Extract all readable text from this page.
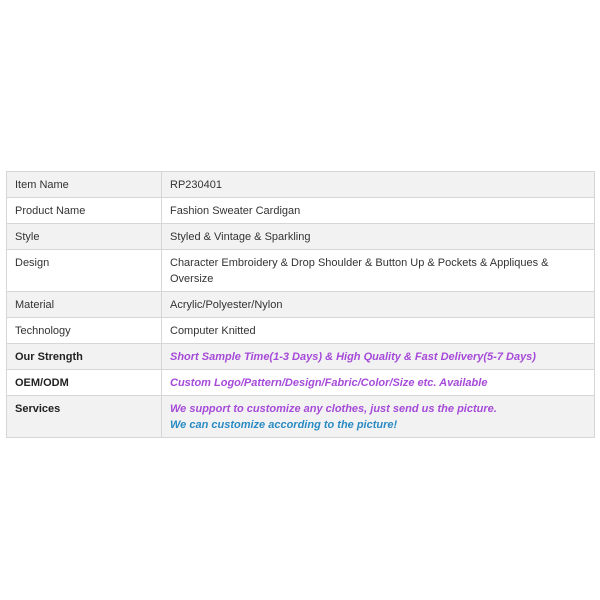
Item Name	RP230401
Product Name	Fashion Sweater Cardigan
Style	Styled & Vintage & Sparkling
Design	Character Embroidery & Drop Shoulder & Button Up & Pockets & Appliques & Oversize
Material	Acrylic/Polyester/Nylon
Technology	Computer Knitted
Our Strength	Short Sample Time(1-3 Days) & High Quality & Fast Delivery(5-7 Days)

OEM/ODM	Custom Logo/Pattern/Design/Fabric/Color/Size etc. Available

Services	We support to customize any clothes, just send us the picture.
We can customize according to the picture!
